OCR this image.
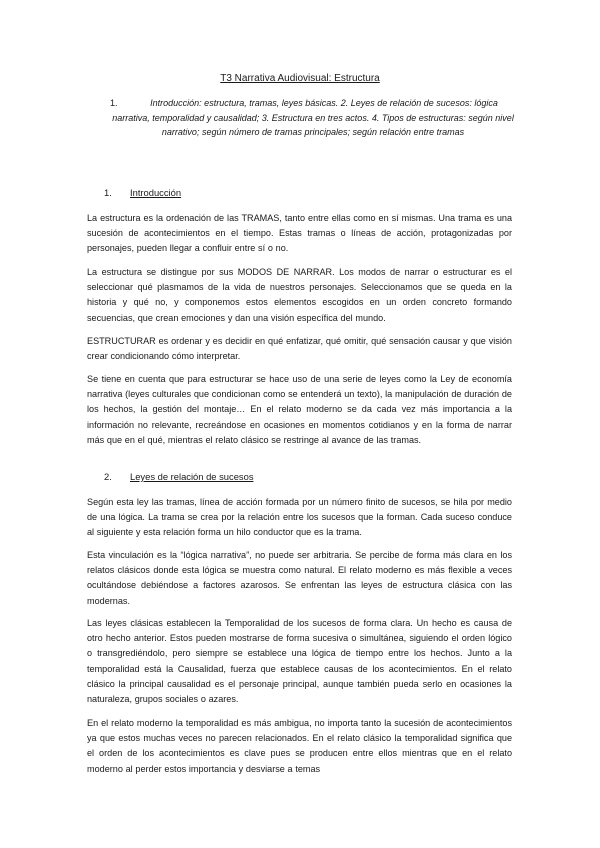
T3 Narrativa Audiovisual: Estructura
1.	Introducción: estructura, tramas, leyes básicas. 2. Leyes de relación de sucesos: lógica narrativa, temporalidad y causalidad; 3. Estructura en tres actos. 4. Tipos de estructuras: según nivel narrativo; según número de tramas principales; según relación entre tramas
1. Introducción

La estructura es la ordenación de las TRAMAS, tanto entre ellas como en sí mismas. Una trama es una sucesión de acontecimientos en el tiempo. Estas tramas o líneas de acción, protagonizadas por personajes, pueden llegar a confluir entre sí o no.

La estructura se distingue por sus MODOS DE NARRAR. Los modos de narrar o estructurar es el seleccionar qué plasmamos de la vida de nuestros personajes. Seleccionamos que se queda en la historia y qué no, y componemos estos elementos escogidos en un orden concreto formando secuencias, que crean emociones y dan una visión específica del mundo.

ESTRUCTURAR es ordenar y es decidir en qué enfatizar, qué omitir, qué sensación causar y que visión crear condicionando cómo interpretar.

Se tiene en cuenta que para estructurar se hace uso de una serie de leyes como la Ley de economía narrativa (leyes culturales que condicionan como se entenderá un texto), la manipulación de duración de los hechos, la gestión del montaje… En el relato moderno se da cada vez más importancia a la información no relevante, recreándose en ocasiones en momentos cotidianos y en la forma de narrar más que en el qué, mientras el relato clásico se restringe al avance de las tramas.

2. Leyes de relación de sucesos

Según esta ley las tramas, línea de acción formada por un número finito de sucesos, se hila por medio de una lógica. La trama se crea por la relación entre los sucesos que la forman. Cada suceso conduce al siguiente y esta relación forma un hilo conductor que es la trama.

Esta vinculación es la “lógica narrativa”, no puede ser arbitraria. Se percibe de forma más clara en los relatos clásicos donde esta lógica se muestra como natural. El relato moderno es más flexible a veces ocultándose debiéndose a factores azarosos. Se enfrentan las leyes de estructura clásica con las modernas.

Las leyes clásicas establecen la Temporalidad de los sucesos de forma clara. Un hecho es causa de otro hecho anterior. Estos pueden mostrarse de forma sucesiva o simultánea, siguiendo el orden lógico o transgrediéndolo, pero siempre se establece una lógica de tiempo entre los hechos. Junto a la temporalidad está la Causalidad, fuerza que establece causas de los acontecimientos. En el relato clásico la principal causalidad es el personaje principal, aunque también pueda serlo en ocasiones la naturaleza, grupos sociales o azares.

En el relato moderno la temporalidad es más ambigua, no importa tanto la sucesión de acontecimientos ya que estos muchas veces no parecen relacionados. En el relato clásico la temporalidad significa que el orden de los acontecimientos es clave pues se producen entre ellos mientras que en el relato moderno al perder estos importancia y desviarse a temas
